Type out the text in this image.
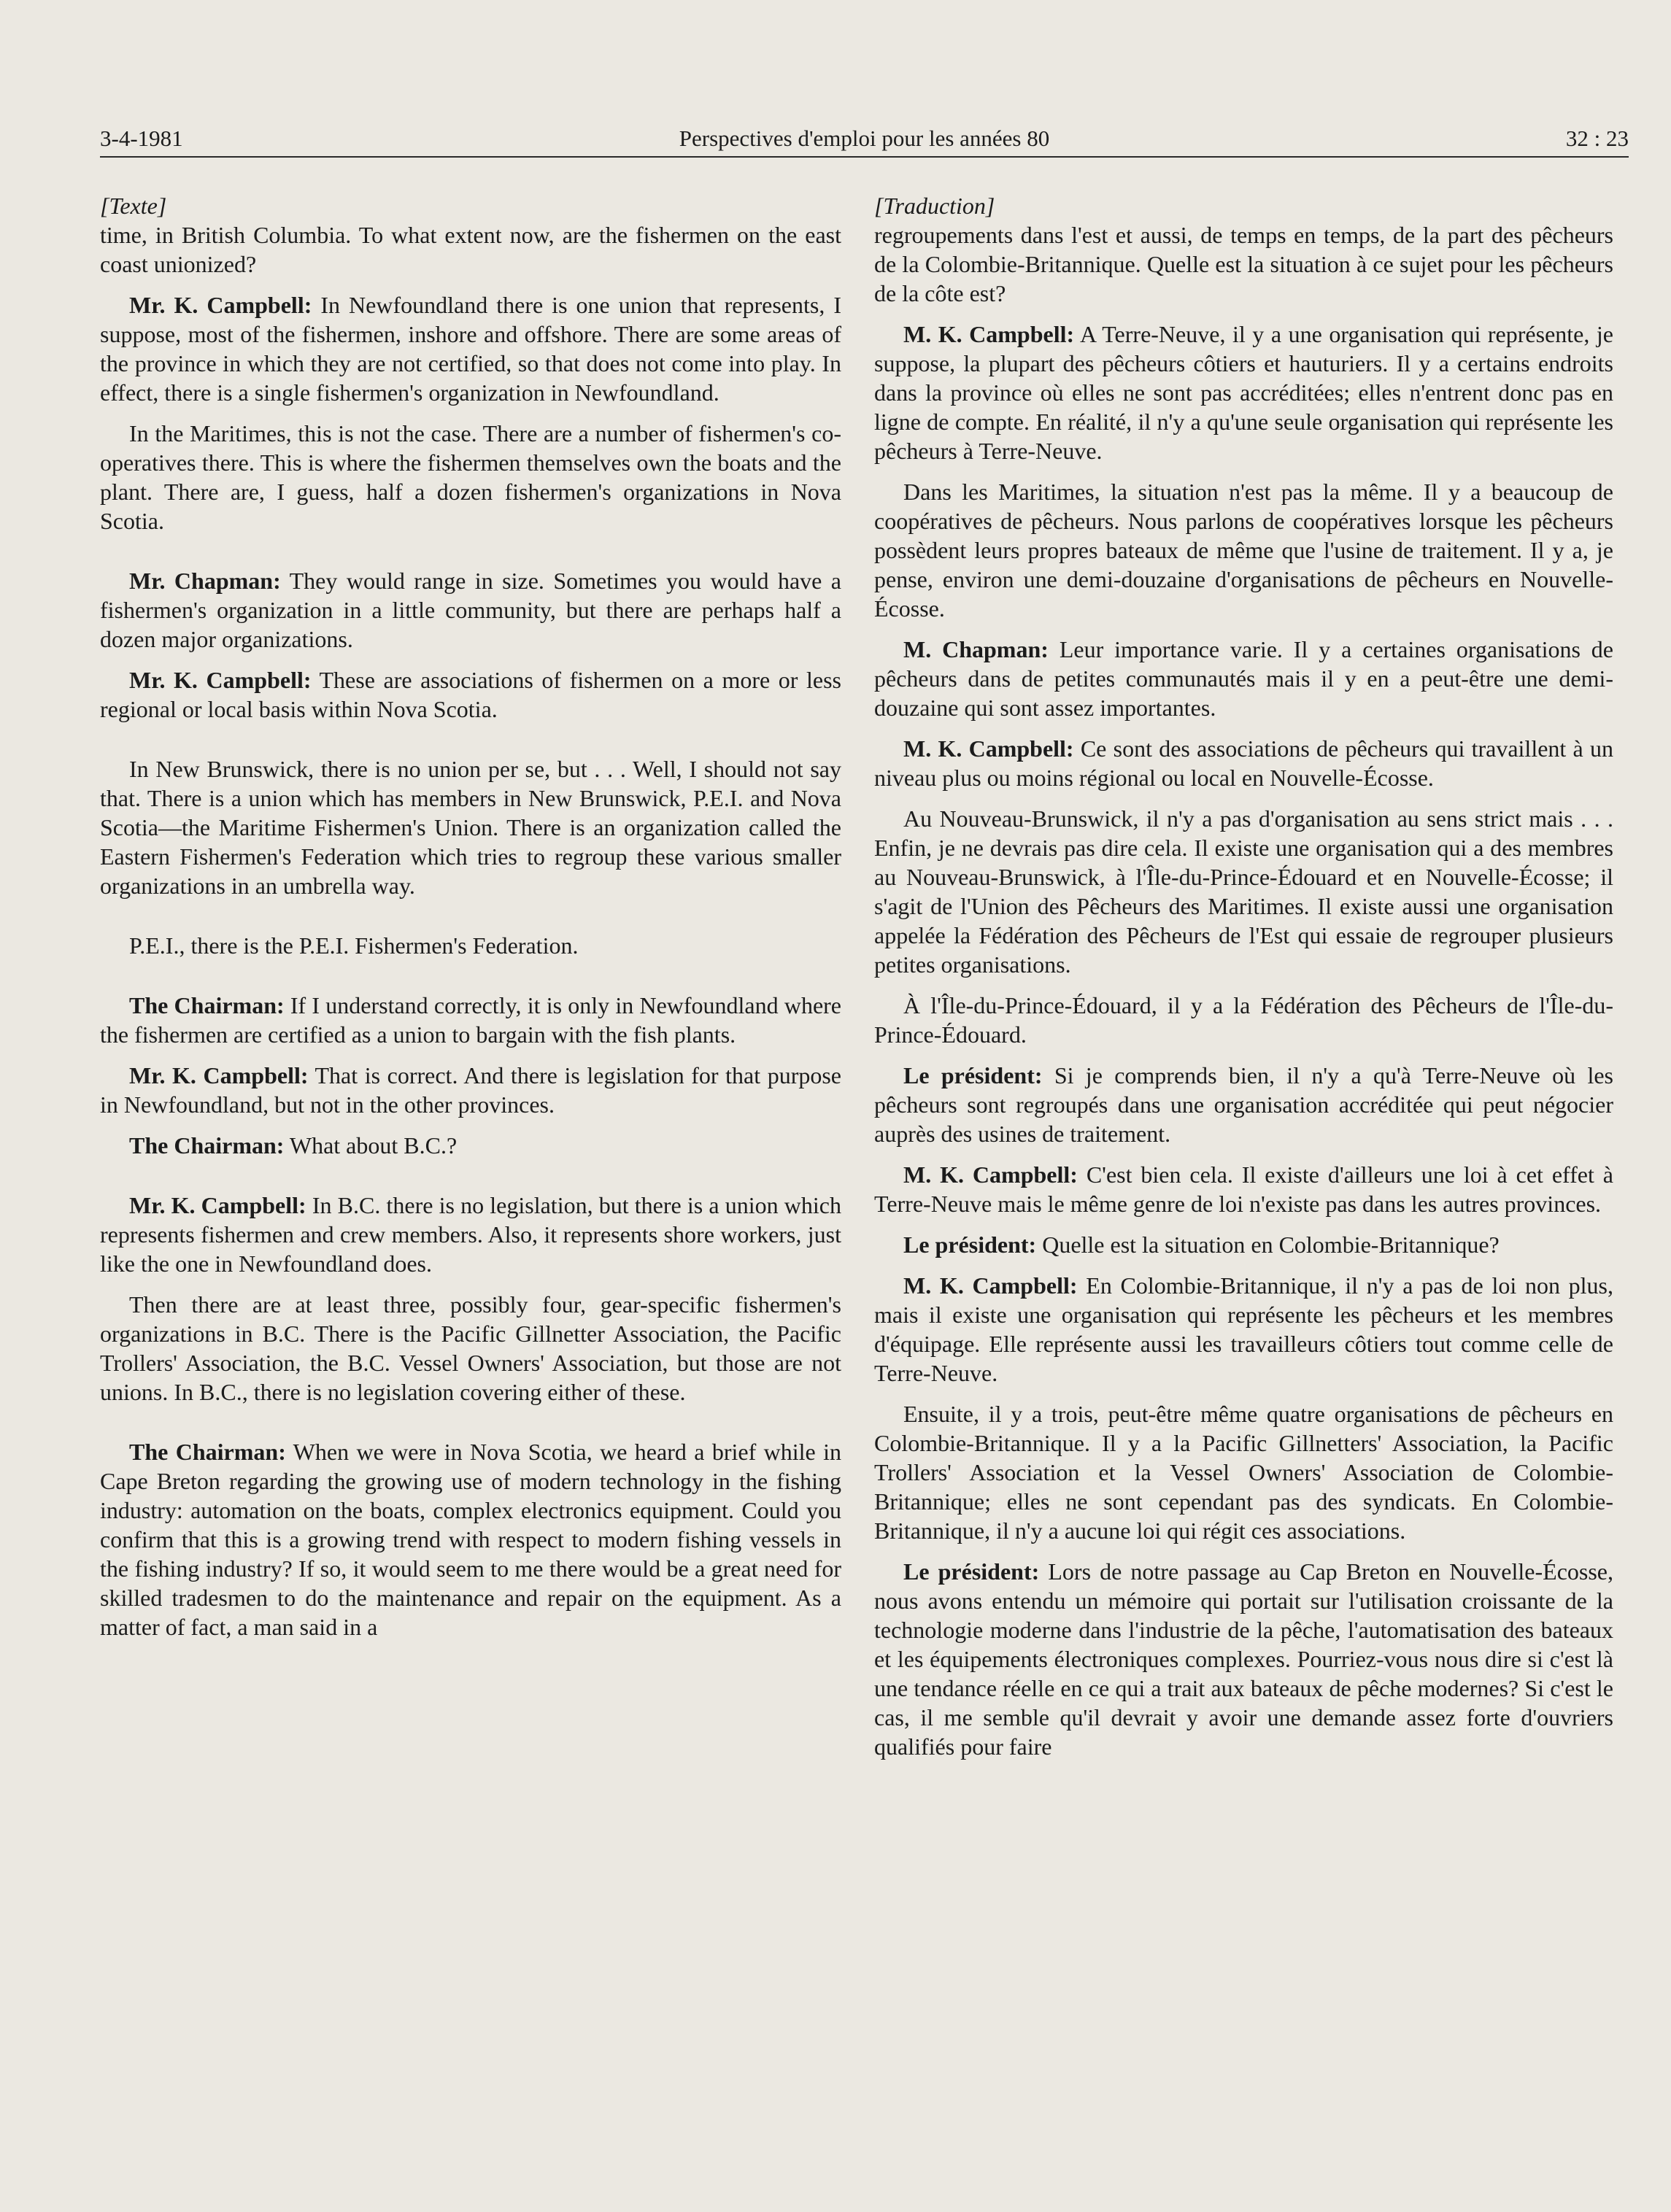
3-4-1981	Perspectives d'emploi pour les années 80	32 : 23
[Texte]

time, in British Columbia. To what extent now, are the fishermen on the east coast unionized?

Mr. K. Campbell: In Newfoundland there is one union that represents, I suppose, most of the fishermen, inshore and offshore. There are some areas of the province in which they are not certified, so that does not come into play. In effect, there is a single fishermen's organization in Newfoundland.

In the Maritimes, this is not the case. There are a number of fishermen's co-operatives there. This is where the fishermen themselves own the boats and the plant. There are, I guess, half a dozen fishermen's organizations in Nova Scotia.

Mr. Chapman: They would range in size. Sometimes you would have a fishermen's organization in a little community, but there are perhaps half a dozen major organizations.

Mr. K. Campbell: These are associations of fishermen on a more or less regional or local basis within Nova Scotia.

In New Brunswick, there is no union per se, but . . . Well, I should not say that. There is a union which has members in New Brunswick, P.E.I. and Nova Scotia—the Maritime Fishermen's Union. There is an organization called the Eastern Fishermen's Federation which tries to regroup these various smaller organizations in an umbrella way.

P.E.I., there is the P.E.I. Fishermen's Federation.

The Chairman: If I understand correctly, it is only in Newfoundland where the fishermen are certified as a union to bargain with the fish plants.

Mr. K. Campbell: That is correct. And there is legislation for that purpose in Newfoundland, but not in the other provinces.

The Chairman: What about B.C.?

Mr. K. Campbell: In B.C. there is no legislation, but there is a union which represents fishermen and crew members. Also, it represents shore workers, just like the one in Newfoundland does.

Then there are at least three, possibly four, gear-specific fishermen's organizations in B.C. There is the Pacific Gillnetter Association, the Pacific Trollers' Association, the B.C. Vessel Owners' Association, but those are not unions. In B.C., there is no legislation covering either of these.

The Chairman: When we were in Nova Scotia, we heard a brief while in Cape Breton regarding the growing use of modern technology in the fishing industry: automation on the boats, complex electronics equipment. Could you confirm that this is a growing trend with respect to modern fishing vessels in the fishing industry? If so, it would seem to me there would be a great need for skilled tradesmen to do the maintenance and repair on the equipment. As a matter of fact, a man said in a

[Traduction]

regroupements dans l'est et aussi, de temps en temps, de la part des pêcheurs de la Colombie-Britannique. Quelle est la situation à ce sujet pour les pêcheurs de la côte est?

M. K. Campbell: A Terre-Neuve, il y a une organisation qui représente, je suppose, la plupart des pêcheurs côtiers et hauturiers. Il y a certains endroits dans la province où elles ne sont pas accréditées; elles n'entrent donc pas en ligne de compte. En réalité, il n'y a qu'une seule organisation qui représente les pêcheurs à Terre-Neuve.

Dans les Maritimes, la situation n'est pas la même. Il y a beaucoup de coopératives de pêcheurs. Nous parlons de coopératives lorsque les pêcheurs possèdent leurs propres bateaux de même que l'usine de traitement. Il y a, je pense, environ une demi-douzaine d'organisations de pêcheurs en Nouvelle-Écosse.

M. Chapman: Leur importance varie. Il y a certaines organisations de pêcheurs dans de petites communautés mais il y en a peut-être une demi-douzaine qui sont assez importantes.

M. K. Campbell: Ce sont des associations de pêcheurs qui travaillent à un niveau plus ou moins régional ou local en Nouvelle-Écosse.

Au Nouveau-Brunswick, il n'y a pas d'organisation au sens strict mais . . . Enfin, je ne devrais pas dire cela. Il existe une organisation qui a des membres au Nouveau-Brunswick, à l'Île-du-Prince-Édouard et en Nouvelle-Écosse; il s'agit de l'Union des Pêcheurs des Maritimes. Il existe aussi une organisation appelée la Fédération des Pêcheurs de l'Est qui essaie de regrouper plusieurs petites organisations.

À l'Île-du-Prince-Édouard, il y a la Fédération des Pêcheurs de l'Île-du-Prince-Édouard.

Le président: Si je comprends bien, il n'y a qu'à Terre-Neuve où les pêcheurs sont regroupés dans une organisation accréditée qui peut négocier auprès des usines de traitement.

M. K. Campbell: C'est bien cela. Il existe d'ailleurs une loi à cet effet à Terre-Neuve mais le même genre de loi n'existe pas dans les autres provinces.

Le président: Quelle est la situation en Colombie-Britannique?

M. K. Campbell: En Colombie-Britannique, il n'y a pas de loi non plus, mais il existe une organisation qui représente les pêcheurs et les membres d'équipage. Elle représente aussi les travailleurs côtiers tout comme celle de Terre-Neuve.

Ensuite, il y a trois, peut-être même quatre organisations de pêcheurs en Colombie-Britannique. Il y a la Pacific Gillnetters' Association, la Pacific Trollers' Association et la Vessel Owners' Association de Colombie-Britannique; elles ne sont cependant pas des syndicats. En Colombie-Britannique, il n'y a aucune loi qui régit ces associations.

Le président: Lors de notre passage au Cap Breton en Nouvelle-Écosse, nous avons entendu un mémoire qui portait sur l'utilisation croissante de la technologie moderne dans l'industrie de la pêche, l'automatisation des bateaux et les équipements électroniques complexes. Pourriez-vous nous dire si c'est là une tendance réelle en ce qui a trait aux bateaux de pêche modernes? Si c'est le cas, il me semble qu'il devrait y avoir une demande assez forte d'ouvriers qualifiés pour faire
